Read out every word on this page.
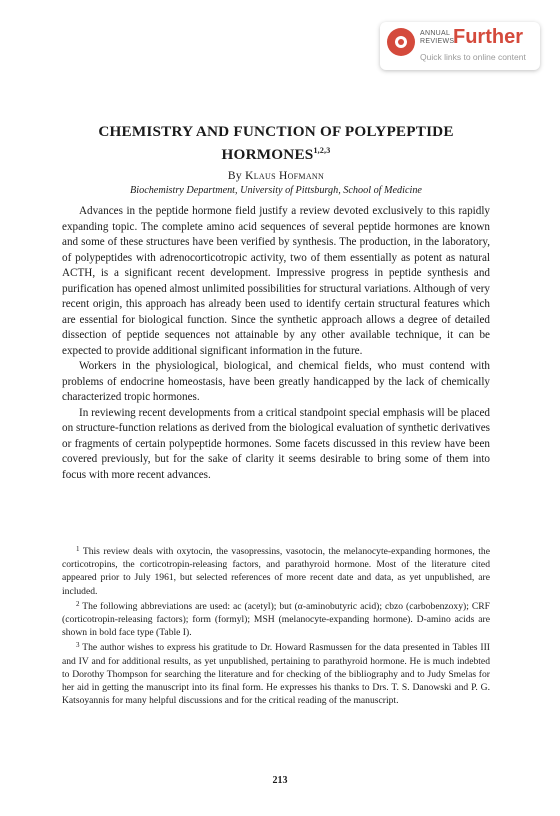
ANNUAL REVIEWS
Further
Quick links to online content
CHEMISTRY AND FUNCTION OF POLYPEPTIDE
HORMONES$^{1,2,3}$
By Klaus Hofmann
Biochemistry Department, University of Pittsburgh, School of Medicine

Advances in the peptide hormone field justify a review devoted exclusively to this rapidly expanding topic. The complete amino acid sequences of several peptide hormones are known and some of these structures have been verified by synthesis. The production, in the laboratory, of polypeptides with adrenocorticotropic activity, two of them essentially as potent as natural ACTH, is a significant recent development. Impressive progress in peptide synthesis and purification has opened almost unlimited possibilities for structural variations. Although of very recent origin, this approach has already been used to identify certain structural features which are essential for biological function. Since the synthetic approach allows a degree of detailed dissection of peptide sequences not attainable by any other available technique, it can be expected to provide additional significant information in the future.

Workers in the physiological, biological, and chemical fields, who must contend with problems of endocrine homeostasis, have been greatly handicapped by the lack of chemically characterized tropic hormones.

In reviewing recent developments from a critical standpoint special emphasis will be placed on structure-function relations as derived from the biological evaluation of synthetic derivatives or fragments of certain polypeptide hormones. Some facets discussed in this review have been covered previously, but for the sake of clarity it seems desirable to bring some of them into focus with more recent advances.

$^1$ This review deals with oxytocin, the vasopressins, vasotocin, the melanocyte-expanding hormones, the corticotropins, the corticotropin-releasing factors, and parathyroid hormone. Most of the literature cited appeared prior to July 1961, but selected references of more recent date and data, as yet unpublished, are included.

$^2$ The following abbreviations are used: ac (acetyl); but (α-aminobutyric acid); cbzo (carbobenzoxy); CRF (corticotropin-releasing factors); form (formyl); MSH (melanocyte-expanding hormone). D-amino acids are shown in bold face type (Table I).

$^3$ The author wishes to express his gratitude to Dr. Howard Rasmussen for the data presented in Tables III and IV and for additional results, as yet unpublished, pertaining to parathyroid hormone. He is much indebted to Dorothy Thompson for searching the literature and for checking of the bibliography and to Judy Smelas for her aid in getting the manuscript into its final form. He expresses his thanks to Drs. T. S. Danowski and P. G. Katsoyannis for many helpful discussions and for the critical reading of the manuscript.

213
